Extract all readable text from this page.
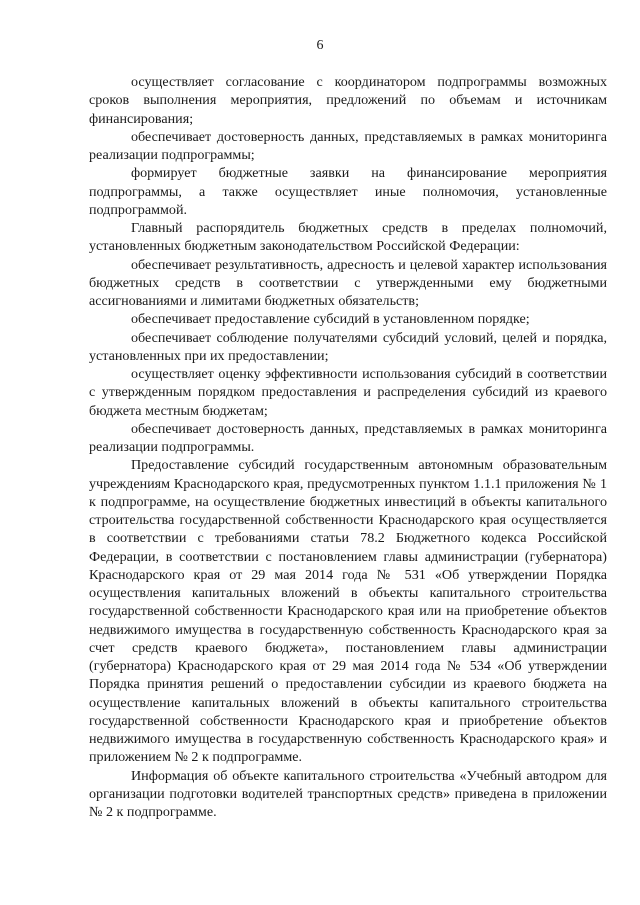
6

осуществляет согласование с координатором подпрограммы возможных сроков выполнения мероприятия, предложений по объемам и источникам финансирования;

обеспечивает достоверность данных, представляемых в рамках мониторинга реализации подпрограммы;

формирует бюджетные заявки на финансирование мероприятия подпрограммы, а также осуществляет иные полномочия, установленные подпрограммой.

Главный распорядитель бюджетных средств в пределах полномочий, установленных бюджетным законодательством Российской Федерации:

обеспечивает результативность, адресность и целевой характер использования бюджетных средств в соответствии с утвержденными ему бюджетными ассигнованиями и лимитами бюджетных обязательств;

обеспечивает предоставление субсидий в установленном порядке;

обеспечивает соблюдение получателями субсидий условий, целей и порядка, установленных при их предоставлении;

осуществляет оценку эффективности использования субсидий в соответствии с утвержденным порядком предоставления и распределения субсидий из краевого бюджета местным бюджетам;

обеспечивает достоверность данных, представляемых в рамках мониторинга реализации подпрограммы.

Предоставление субсидий государственным автономным образовательным учреждениям Краснодарского края, предусмотренных пунктом 1.1.1 приложения № 1 к подпрограмме, на осуществление бюджетных инвестиций в объекты капитального строительства государственной собственности Краснодарского края осуществляется в соответствии с требованиями статьи 78.2 Бюджетного кодекса Российской Федерации, в соответствии с постановлением главы администрации (губернатора) Краснодарского края от 29 мая 2014 года № 531 «Об утверждении Порядка осуществления капитальных вложений в объекты капитального строительства государственной собственности Краснодарского края или на приобретение объектов недвижимого имущества в государственную собственность Краснодарского края за счет средств краевого бюджета», постановлением главы администрации (губернатора) Краснодарского края от 29 мая 2014 года № 534 «Об утверждении Порядка принятия решений о предоставлении субсидии из краевого бюджета на осуществление капитальных вложений в объекты капитального строительства государственной собственности Краснодарского края и приобретение объектов недвижимого имущества в государственную собственность Краснодарского края» и приложением № 2 к подпрограмме.

Информация об объекте капитального строительства «Учебный автодром для организации подготовки водителей транспортных средств» приведена в приложении № 2 к подпрограмме.
